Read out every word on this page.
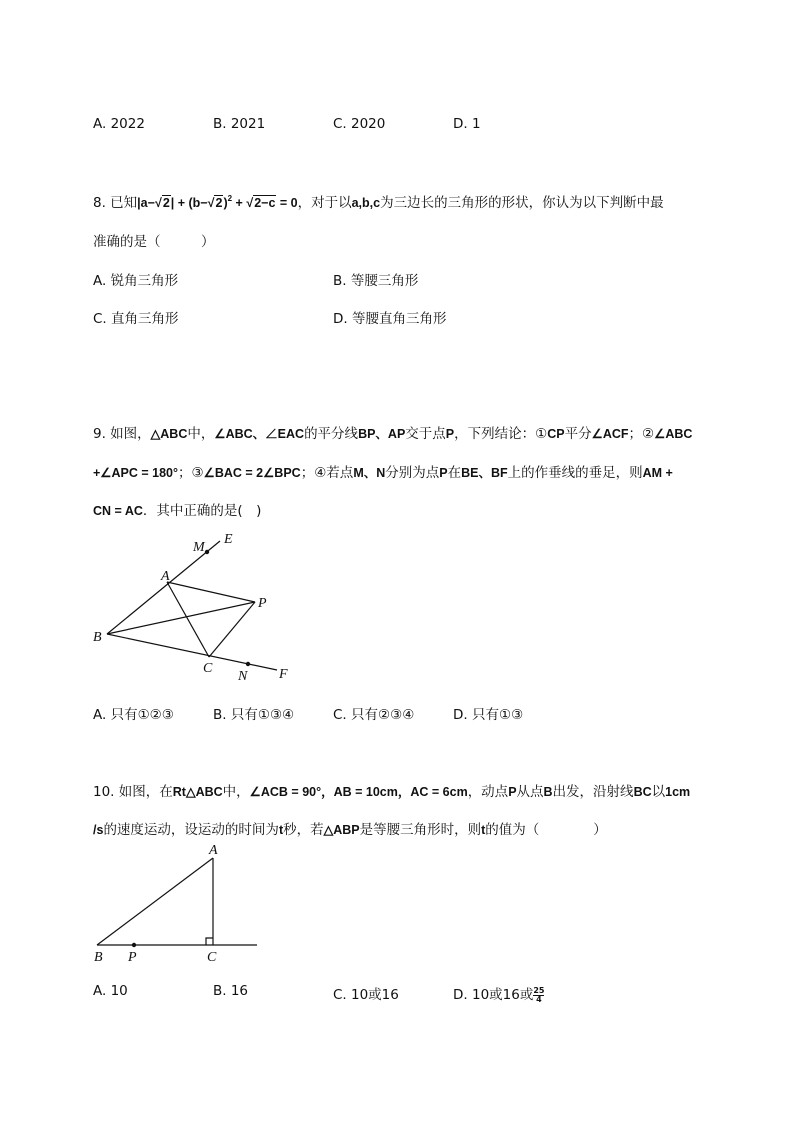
A. 2022	B. 2021	C. 2020	D. 1
8. 已知$|a-√2| + (b-√2)^2 + √2-c = 0$，对于以a,b,c为三边长的三角形的形状，你认为以下判断中最
准确的是（　　　）
A. 锐角三角形	B. 等腰三角形
C. 直角三角形	D. 等腰直角三角形
9. 如图，△ABC中，∠ABC、∠EAC的平分线BP、AP交于点P，下列结论：①CP平分∠ACF；②∠ABC
+∠APC = 180°；③∠BAC = 2∠BPC；④若点M、N分别为点P在BE、BF上的作垂线的垂足，则AM +
CN = AC．其中正确的是(　)
M
E
A
P
B
C
N F
A. 只有①②③	B. 只有①③④	C. 只有②③④	D. 只有①③
10. 如图，在Rt△ABC中，∠ACB = 90°，AB = 10cm，AC = 6cm，动点P从点B出发，沿射线BC以1cm
/s的速度运动，设运动的时间为t秒，若△ABP是等腰三角形时，则t的值为（　　　　）
A
B P	C
A. 10	B. 16	C. 10或16	D. 10或16或 $\frac{25}{4}$
